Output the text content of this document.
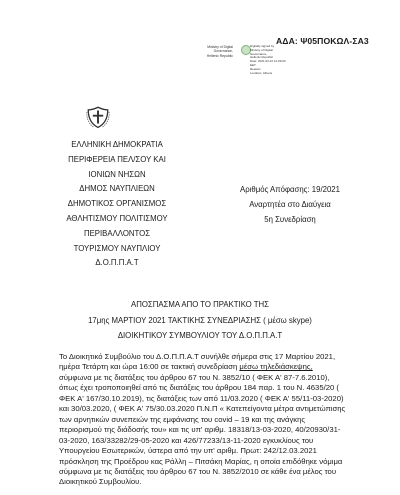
ΑΔΑ: Ψ05ΠΟΚΩΛ-ΣΑ3
Ministry of Digital
Governance,
Hellenic Republic
Digitally signed by
Ministry of Digital
Governance,
Hellenic Republic
Date: 2021.03.22 14:09:03
EET
Reason:
Location: Athens
ΕΛΛΗΝΙΚΗ ΔΗΜΟΚΡΑΤΙΑ
ΠΕΡΙΦΕΡΕΙΑ ΠΕΛ/ΣΟΥ ΚΑΙ
ΙΟΝΙΩΝ ΝΗΣΩΝ
ΔΗΜΟΣ ΝΑΥΠΛΙΕΩΝ
ΔΗΜΟΤΙΚΟΣ ΟΡΓΑΝΙΣΜΟΣ
ΑΘΛΗΤΙΣΜΟΥ ΠΟΛΙΤΙΣΜΟΥ
ΠΕΡΙΒΑΛΛΟΝΤΟΣ
ΤΟΥΡΙΣΜΟΥ ΝΑΥΠΛΙΟΥ
Δ.Ο.Π.Π.Α.Τ
Αριθμός Απόφασης: 19/2021
Αναρτητέα στο Διαύγεια
5η Συνεδρίαση
ΑΠΟΣΠΑΣΜΑ ΑΠΟ ΤΟ ΠΡΑΚΤΙΚΟ ΤΗΣ
17μης ΜΑΡΤΙΟΥ 2021 ΤΑΚΤΙΚΗΣ ΣΥΝΕΔΡΙΑΣΗΣ ( μέσω skype)
ΔΙΟΙΚΗΤΙΚΟΥ ΣΥΜΒΟΥΛΙΟΥ ΤΟΥ Δ.Ο.Π.Π.Α.Τ
Το Διοικητικό Συμβούλιο του Δ.Ο.Π.Π.Α.Τ συνήλθε σήμερα στις 17 Μαρτίου 2021,
ημέρα Τετάρτη και ώρα 16:00 σε τακτική συνεδρίαση μέσω τηλεδιάσκεψης,
σύμφωνα με τις διατάξεις του άρθρου 67 του Ν. 3852/10 ( ΦΕΚ Α' 87-7.6.2010),
όπως έχει τροποποιηθεί από τις διατάξεις του άρθρου 184 παρ. 1 του Ν. 4635/20 (
ΦΕΚ Α' 167/30.10.2019), τις διατάξεις των από 11/03.2020 ( ΦΕΚ Α' 55/11-03-2020)
και 30/03.2020, ( ΦΕΚ Α' 75/30.03.2020 Π.Ν.Π « Κατεπείγοντα μέτρα αντιμετώπισης
των αρνητικών συνεπειών της εμφάνισης του covid – 19 και της ανάγκης
περιορισμού της διάδοσής του» και τις υπ' αριθμ. 18318/13-03-2020, 40/20930/31-
03-2020, 163/33282/29-05-2020 και 426/77233/13-11-2020 εγκυκλίους του
Υπουργείου Εσωτερικών, ύστερα από την υπ' αριθμ. Πρωτ: 242/12.03.2021
πρόσκληση της Προέδρου κας Ράλλη – Πιτσάκη Μαρίας, η οποία επιδόθηκε νόμιμα
σύμφωνα με τις διατάξεις του άρθρου 67 του Ν. 3852/2010 σε κάθε ένα μέλος του
Διοικητικού Συμβουλίου.
